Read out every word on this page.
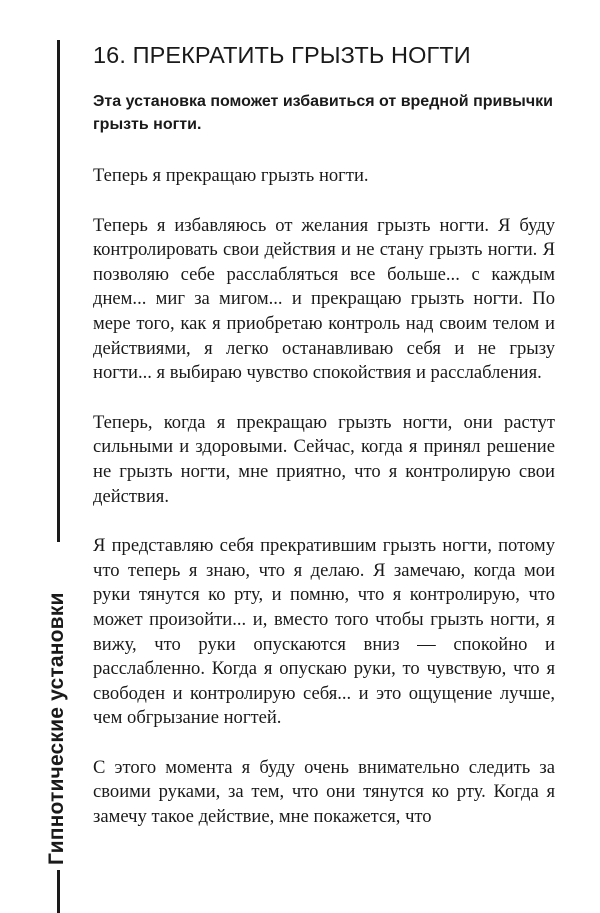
Гипнотические установки
16. ПРЕКРАТИТЬ ГРЫЗТЬ НОГТИ

Эта установка поможет избавиться от вредной привычки грызть ногти.

Теперь я прекращаю грызть ногти.

Теперь я избавляюсь от желания грызть ногти. Я буду контролировать свои действия и не стану грызть ногти. Я позволяю себе расслабляться все больше... с каждым днем... миг за мигом... и прекращаю грызть ногти. По мере того, как я приобретаю контроль над своим телом и действиями, я легко останавливаю себя и не грызу ногти... я выбираю чувство спокойствия и расслабления.

Теперь, когда я прекращаю грызть ногти, они растут сильными и здоровыми. Сейчас, когда я принял решение не грызть ногти, мне приятно, что я контролирую свои действия.

Я представляю себя прекратившим грызть ногти, потому что теперь я знаю, что я делаю. Я замечаю, когда мои руки тянутся ко рту, и помню, что я контролирую, что может произойти... и, вместо того чтобы грызть ногти, я вижу, что руки опускаются вниз — спокойно и расслабленно. Когда я опускаю руки, то чувствую, что я свободен и контролирую себя... и это ощущение лучше, чем обгрызание ногтей.

С этого момента я буду очень внимательно следить за своими руками, за тем, что они тянутся ко рту. Когда я замечу такое действие, мне покажется, что
